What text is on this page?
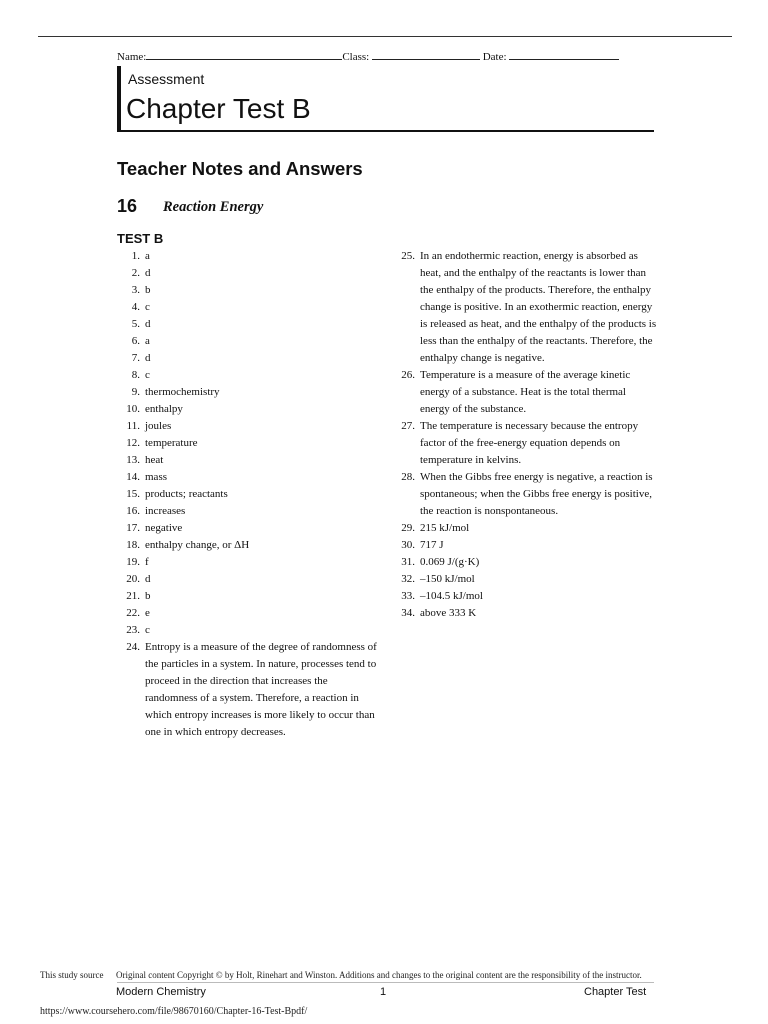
Name:	Class:	Date:
Assessment
Chapter Test B
Teacher Notes and Answers
16 Reaction Energy
TEST B
1. a
2. d
3. b
4. c
5. d
6. a
7. d
8. c
9. thermochemistry
10. enthalpy
11. joules
12. temperature
13. heat
14. mass
15. products; reactants
16. increases
17. negative
18. enthalpy change, or ΔH
19. f
20. d
21. b
22. e
23. c
24. Entropy is a measure of the degree of randomness of the particles in a system. In nature, processes tend to proceed in the direction that increases the randomness of a system. Therefore, a reaction in which entropy increases is more likely to occur than one in which entropy decreases.
25. In an endothermic reaction, energy is absorbed as heat, and the enthalpy of the reactants is lower than the enthalpy of the products. Therefore, the enthalpy change is positive. In an exothermic reaction, energy is released as heat, and the enthalpy of the products is less than the enthalpy of the reactants. Therefore, the enthalpy change is negative.
26. Temperature is a measure of the average kinetic energy of a substance. Heat is the total thermal energy of the substance.
27. The temperature is necessary because the entropy factor of the free-energy equation depends on temperature in kelvins.
28. When the Gibbs free energy is negative, a reaction is spontaneous; when the Gibbs free energy is positive, the reaction is nonspontaneous.
29. 215 kJ/mol
30. 717 J
31. 0.069 J/(g·K)
32. –150 kJ/mol
33. –104.5 kJ/mol
34. above 333 K
This study source Original content Copyright © by Holt, Rinehart and Winston. Additions and changes to the original content are the responsibility of the instructor.
Modern Chemistry	1	Chapter Test
https://www.coursehero.com/file/98670160/Chapter-16-Test-Bpdf/
